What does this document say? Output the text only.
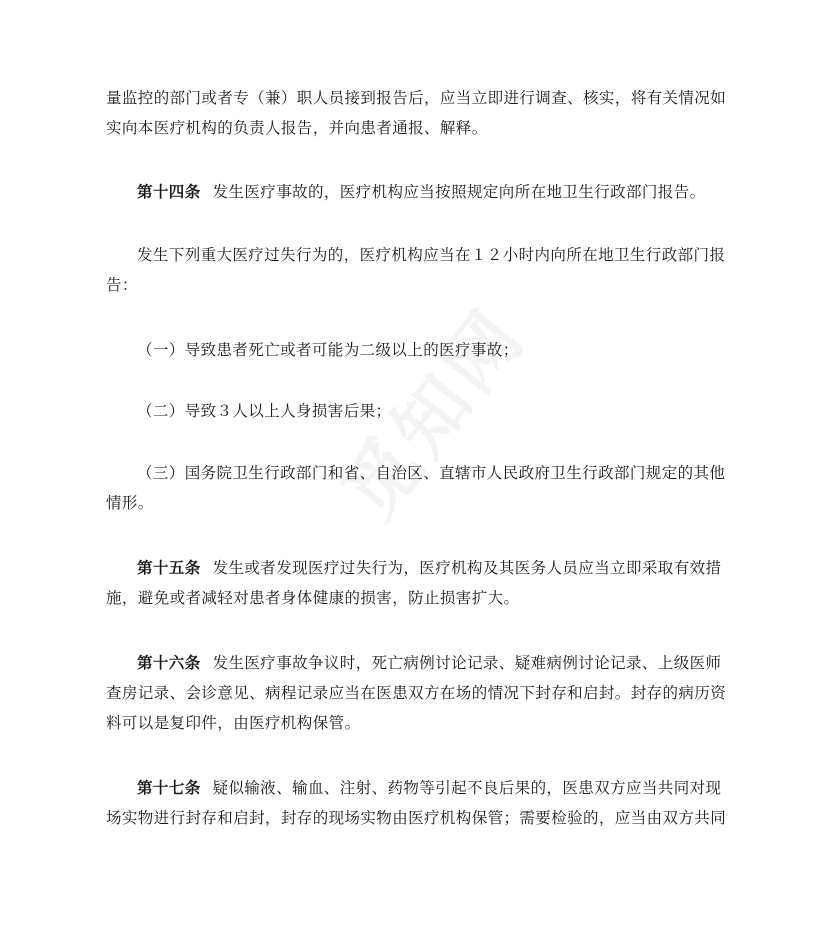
量监控的部门或者专（兼）职人员接到报告后，应当立即进行调查、核实，将有关情况如
实向本医疗机构的负责人报告，并向患者通报、解释。

第十四条 发生医疗事故的，医疗机构应当按照规定向所在地卫生行政部门报告。

发生下列重大医疗过失行为的，医疗机构应当在１２小时内向所在地卫生行政部门报
告：

（一）导致患者死亡或者可能为二级以上的医疗事故；

（二）导致３人以上人身损害后果；

（三）国务院卫生行政部门和省、自治区、直辖市人民政府卫生行政部门规定的其他
情形。

第十五条 发生或者发现医疗过失行为，医疗机构及其医务人员应当立即采取有效措
施，避免或者减轻对患者身体健康的损害，防止损害扩大。

第十六条 发生医疗事故争议时，死亡病例讨论记录、疑难病例讨论记录、上级医师
查房记录、会诊意见、病程记录应当在医患双方在场的情况下封存和启封。封存的病历资
料可以是复印件，由医疗机构保管。

第十七条 疑似输液、输血、注射、药物等引起不良后果的，医患双方应当共同对现
场实物进行封存和启封，封存的现场实物由医疗机构保管；需要检验的，应当由双方共同
